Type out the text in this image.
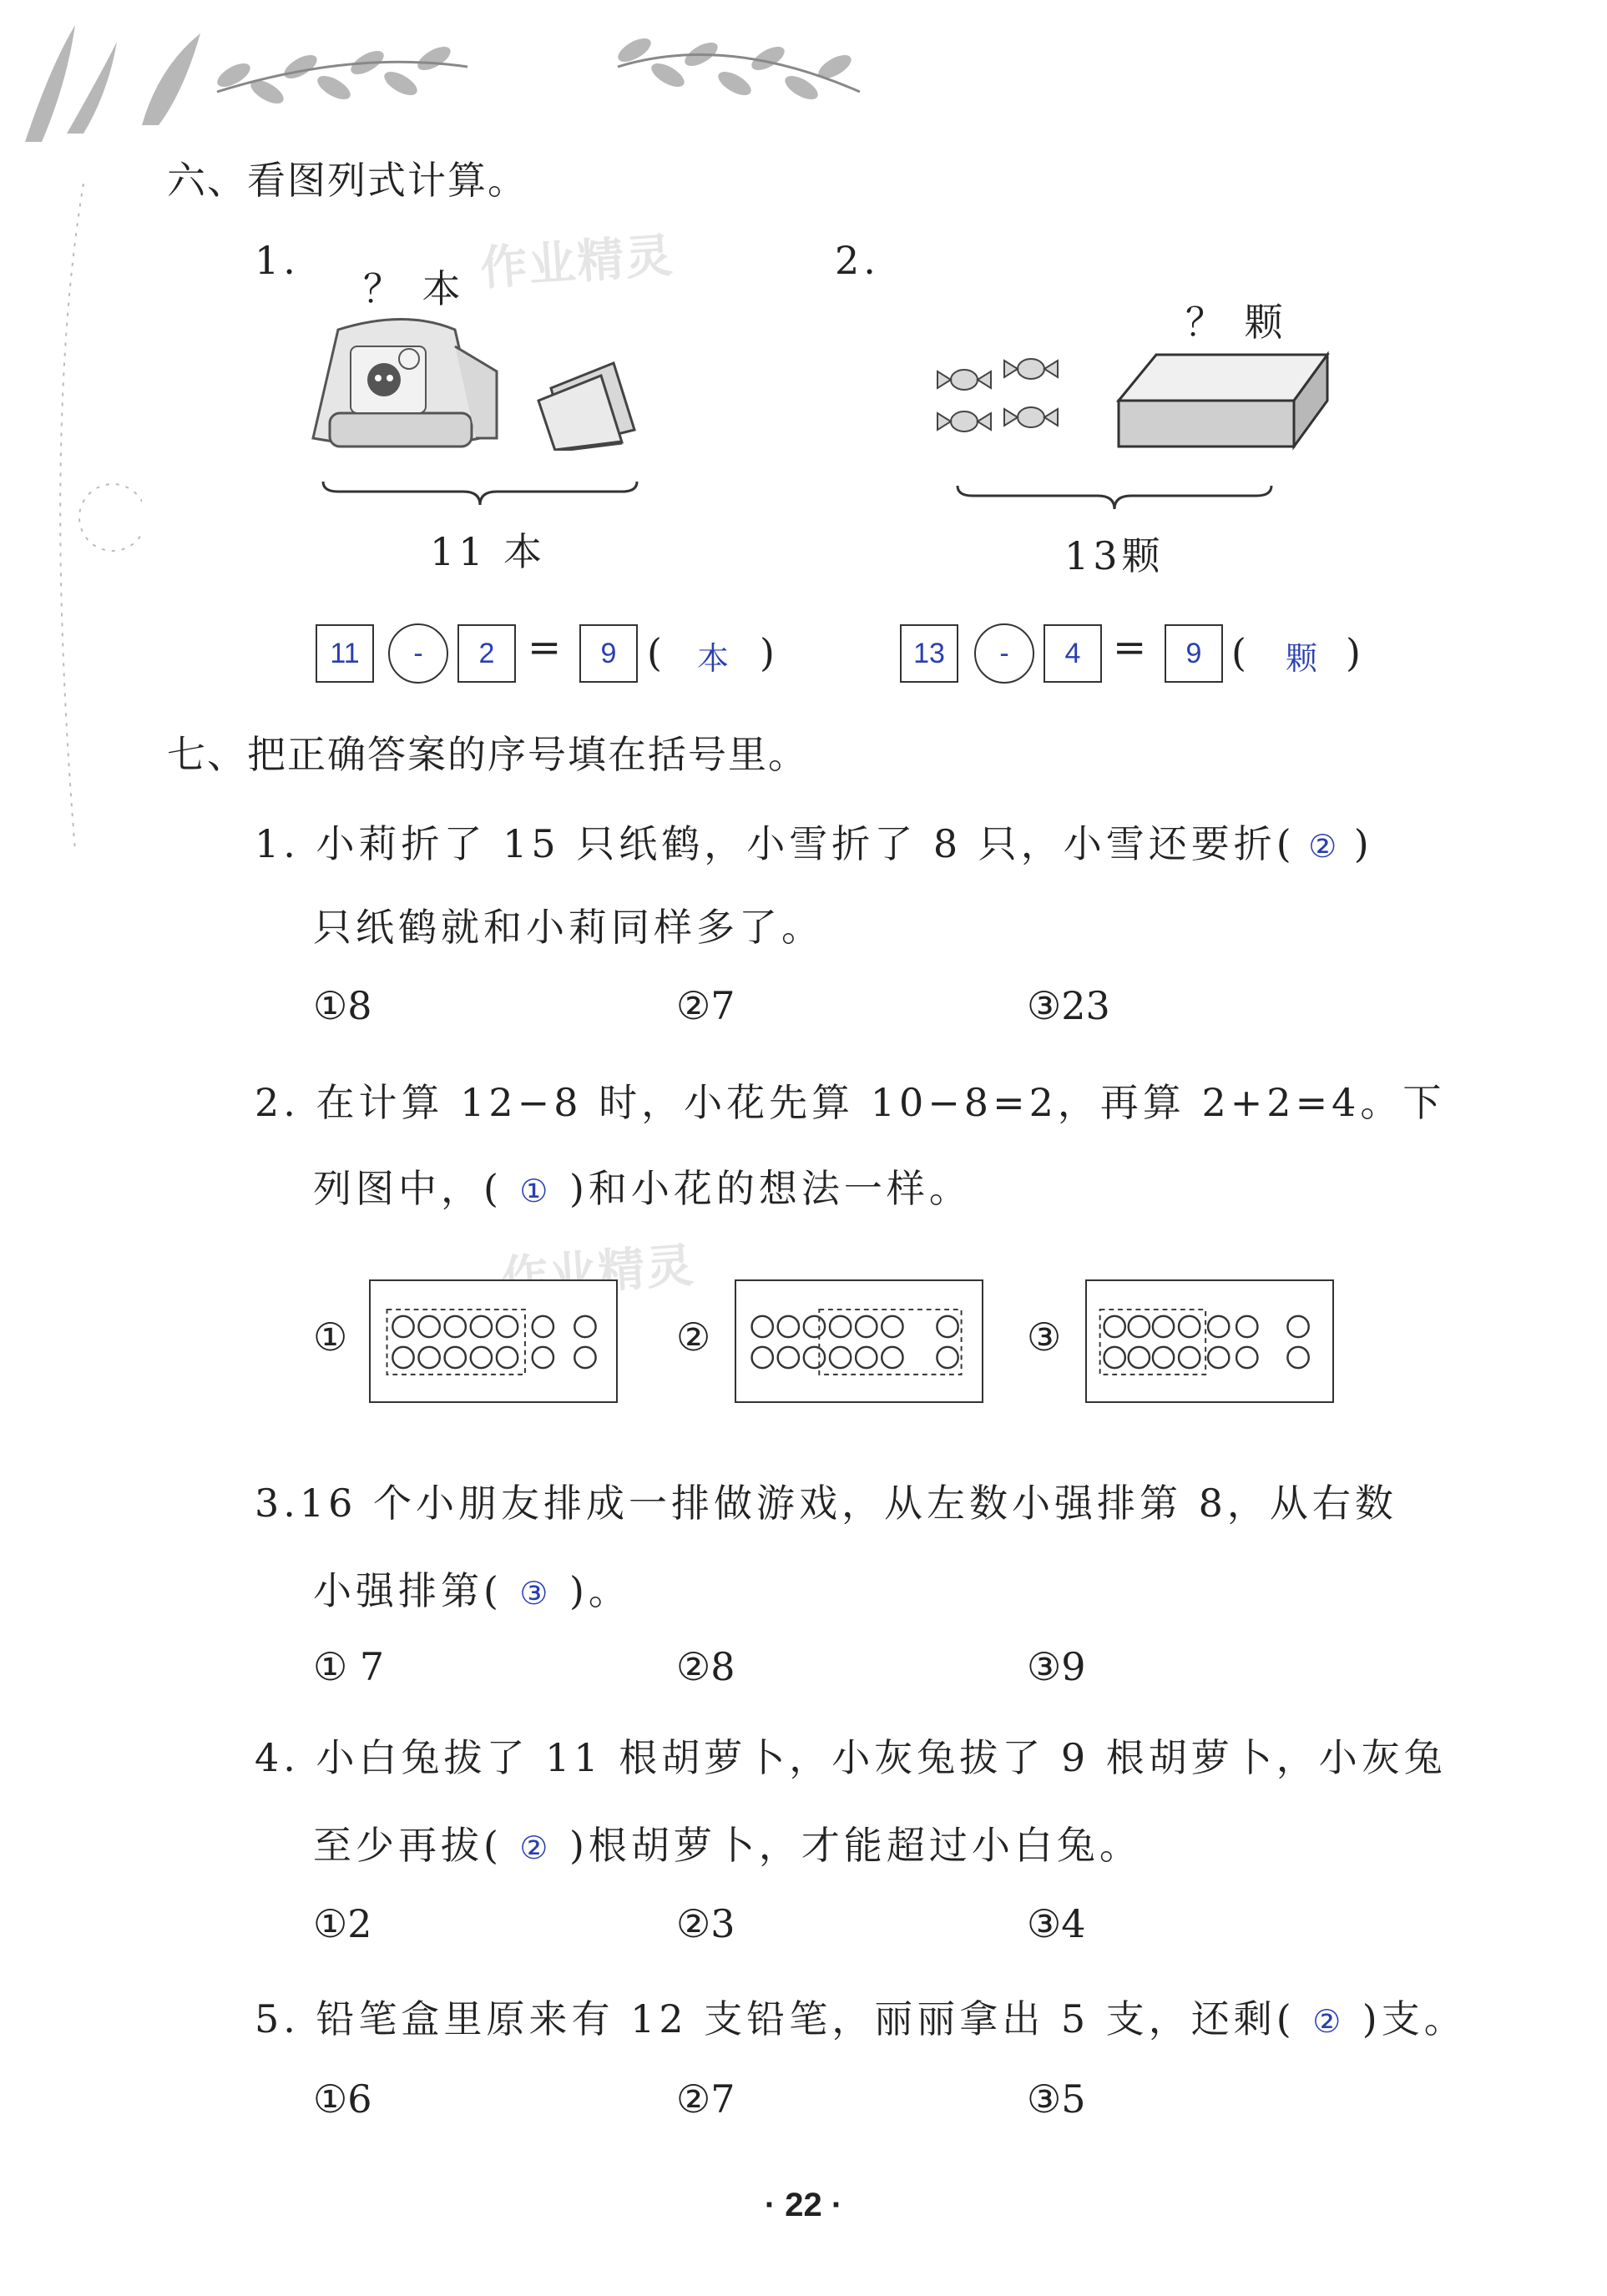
六、看图列式计算。
1.
？ 本
11 本
11	-	2 =	9 ( 本 )
2.
？ 颗
13颗
13	-	4 =	9 ( 颗 )
作业精灵
作业精灵
七、把正确答案的序号填在括号里。
1. 小莉折了 15 只纸鹤，小雪折了 8 只，小雪还要折( ② )
只纸鹤就和小莉同样多了。
①8	②7	③23
2. 在计算 12−8 时，小花先算 10−8=2，再算 2+2=4。下
列图中，( ① )和小花的想法一样。
①	②	③
3.16 个小朋友排成一排做游戏，从左数小强排第 8，从右数
小强排第( ③ )。
① 7	②8	③9
4. 小白兔拔了 11 根胡萝卜，小灰兔拔了 9 根胡萝卜，小灰兔
至少再拔( ② )根胡萝卜，才能超过小白兔。
①2	②3	③4
5. 铅笔盒里原来有 12 支铅笔，丽丽拿出 5 支，还剩( ② )支。
①6	②7	③5
· 22 ·
